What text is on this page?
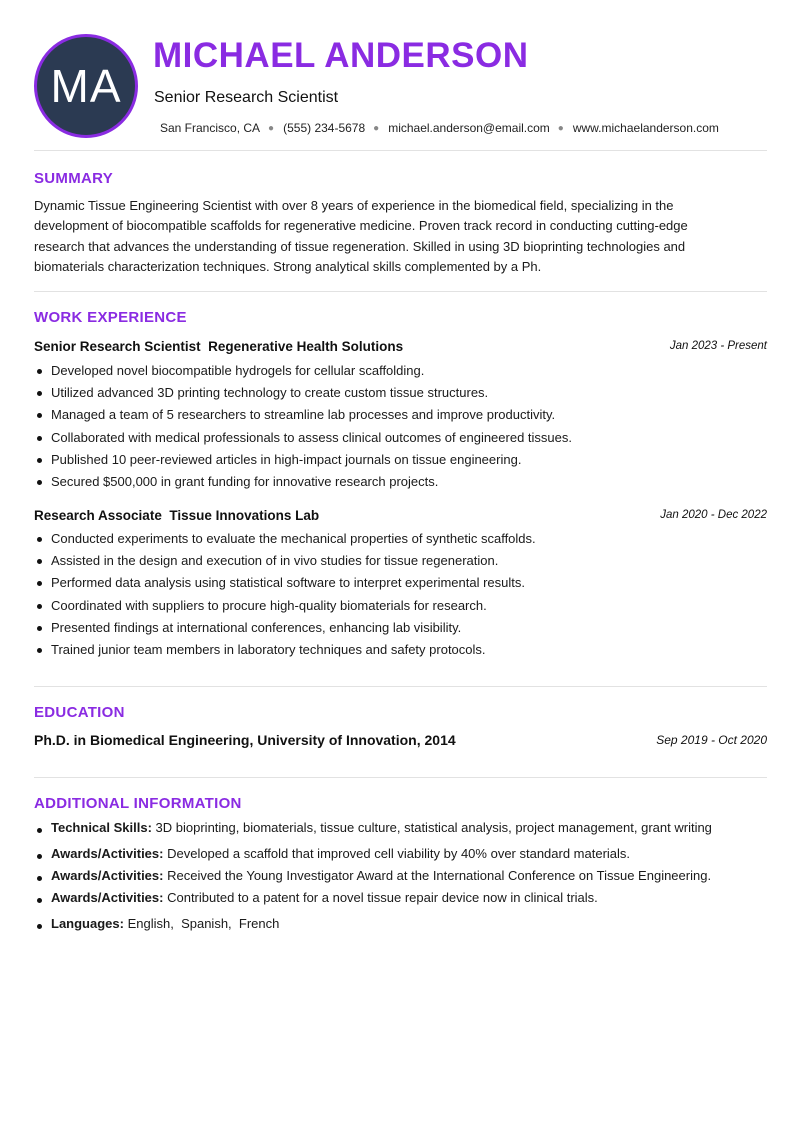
MA
MICHAEL ANDERSON
Senior Research Scientist
San Francisco, CA ● (555) 234-5678 ● michael.anderson@email.com ● www.michaelanderson.com
SUMMARY
Dynamic Tissue Engineering Scientist with over 8 years of experience in the biomedical field, specializing in the development of biocompatible scaffolds for regenerative medicine. Proven track record in conducting cutting-edge research that advances the understanding of tissue regeneration. Skilled in using 3D bioprinting technologies and biomaterials characterization techniques. Strong analytical skills complemented by a Ph.
WORK EXPERIENCE
Senior Research Scientist Regenerative Health Solutions	Jan 2023 - Present
Developed novel biocompatible hydrogels for cellular scaffolding.
Utilized advanced 3D printing technology to create custom tissue structures.
Managed a team of 5 researchers to streamline lab processes and improve productivity.
Collaborated with medical professionals to assess clinical outcomes of engineered tissues.
Published 10 peer-reviewed articles in high-impact journals on tissue engineering.
Secured $500,000 in grant funding for innovative research projects.
Research Associate Tissue Innovations Lab	Jan 2020 - Dec 2022
Conducted experiments to evaluate the mechanical properties of synthetic scaffolds.
Assisted in the design and execution of in vivo studies for tissue regeneration.
Performed data analysis using statistical software to interpret experimental results.
Coordinated with suppliers to procure high-quality biomaterials for research.
Presented findings at international conferences, enhancing lab visibility.
Trained junior team members in laboratory techniques and safety protocols.
EDUCATION
Ph.D. in Biomedical Engineering, University of Innovation, 2014	Sep 2019 - Oct 2020
ADDITIONAL INFORMATION
Technical Skills: 3D bioprinting, biomaterials, tissue culture, statistical analysis, project management, grant writing
Awards/Activities: Developed a scaffold that improved cell viability by 40% over standard materials.
Awards/Activities: Received the Young Investigator Award at the International Conference on Tissue Engineering.
Awards/Activities: Contributed to a patent for a novel tissue repair device now in clinical trials.
Languages: English,  Spanish,  French
